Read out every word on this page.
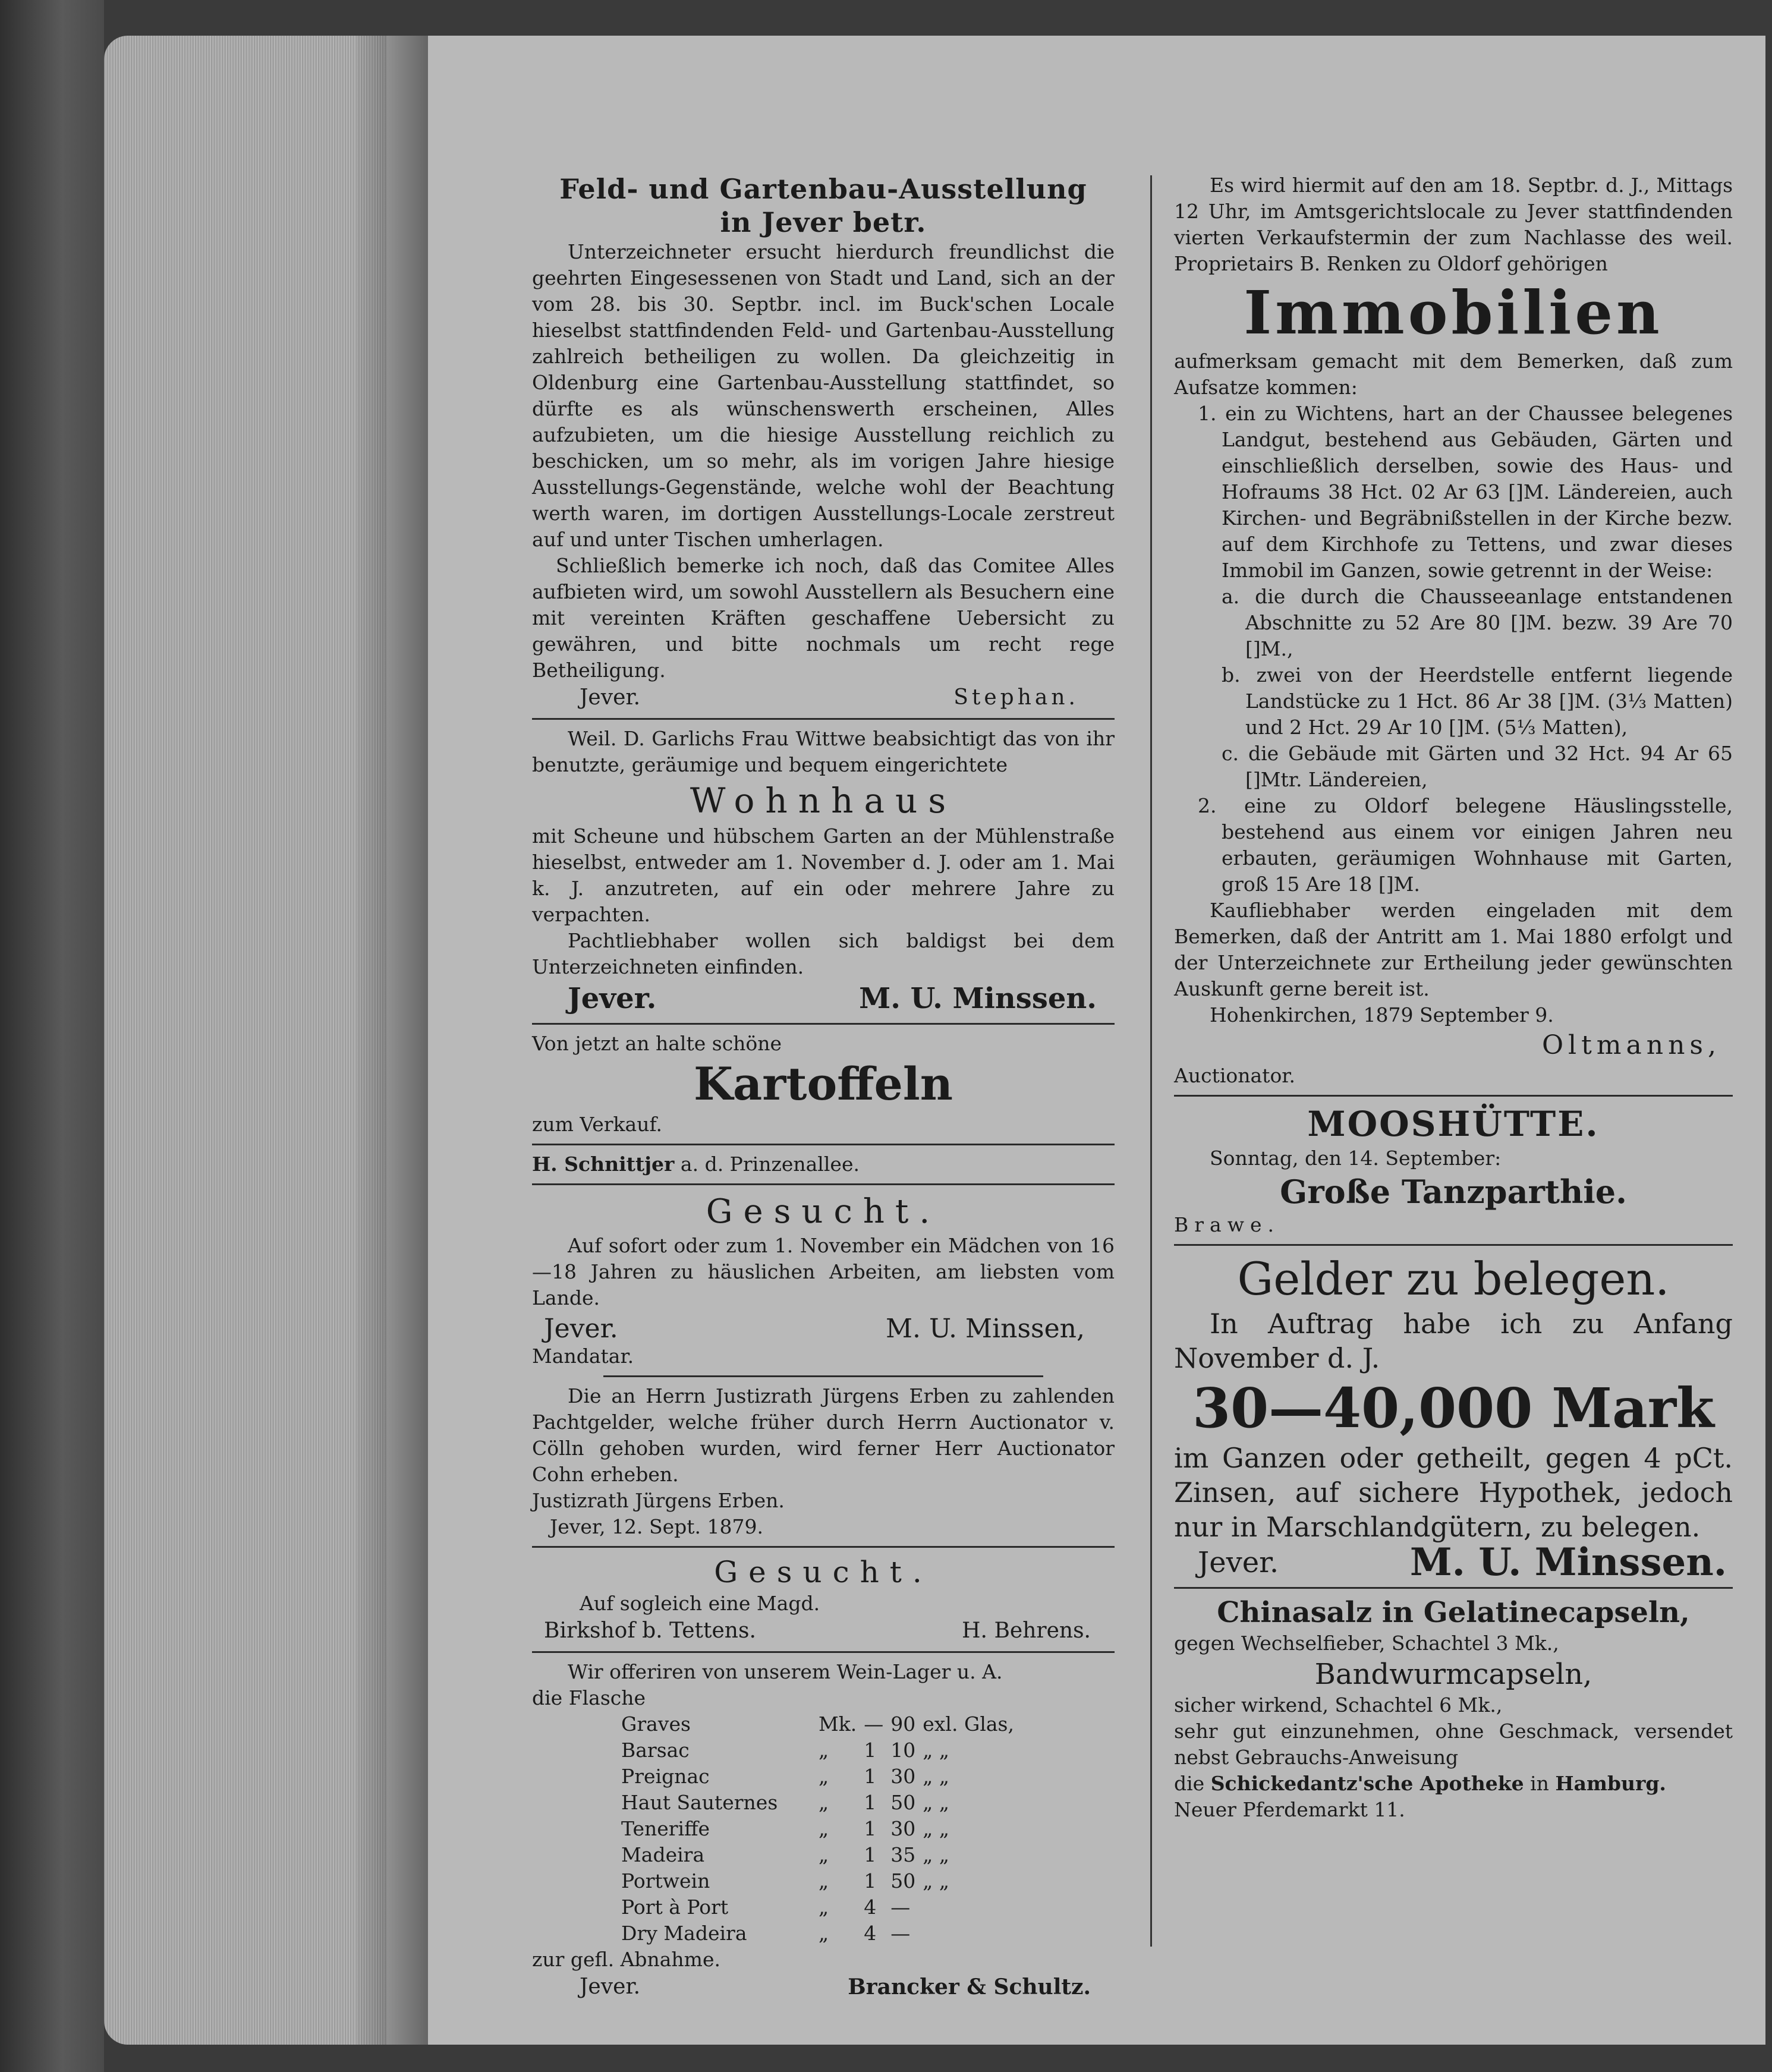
Feld- und Gartenbau-Ausstellung

in Jever betr.

Unterzeichneter ersucht hierdurch freundlichst die geehrten Eingesessenen von Stadt und Land, sich an der vom 28. bis 30. Septbr. incl. im Buck'schen Locale hieselbst stattfindenden Feld- und Gartenbau-Ausstellung zahlreich betheiligen zu wollen. Da gleichzeitig in Oldenburg eine Gartenbau-Ausstellung stattfindet, so dürfte es als wünschenswerth erscheinen, Alles aufzubieten, um die hiesige Ausstellung reichlich zu beschicken, um so mehr, als im vorigen Jahre hiesige Ausstellungs-Gegenstände, welche wohl der Beachtung werth waren, im dortigen Ausstellungs-Locale zerstreut auf und unter Tischen umherlagen.

Schließlich bemerke ich noch, daß das Comitee Alles aufbieten wird, um sowohl Ausstellern als Besuchern eine mit vereinten Kräften geschaffene Uebersicht zu gewähren, und bitte nochmals um recht rege Betheiligung.

Jever.	Stephan.

Weil. D. Garlichs Frau Wittwe beabsichtigt das von ihr benutzte, geräumige und bequem eingerichtete

Wohnhaus

mit Scheune und hübschem Garten an der Mühlenstraße hieselbst, entweder am 1. November d. J. oder am 1. Mai k. J. anzutreten, auf ein oder mehrere Jahre zu verpachten.

Pachtliebhaber wollen sich baldigst bei dem Unterzeichneten einfinden.

Jever.	M. U. Minssen.

Von jetzt an halte schöne

Kartoffeln

zum Verkauf.

H. Schnittjer a. d. Prinzenallee.

Gesucht.

Auf sofort oder zum 1. November ein Mädchen von 16—18 Jahren zu häuslichen Arbeiten, am liebsten vom Lande.

Jever.	M. U. Minssen,

Mandatar.

Die an Herrn Justizrath Jürgens Erben zu zahlenden Pachtgelder, welche früher durch Herrn Auctionator v. Cölln gehoben wurden, wird ferner Herr Auctionator Cohn erheben.

Justizrath Jürgens Erben.

Jever, 12. Sept. 1879.

Gesucht.

Auf sogleich eine Magd.

Birkshof b. Tettens.	H. Behrens.

Wir offeriren von unserem Wein-Lager u. A.

die Flasche

Graves	Mk.	—	90	exl. Glas,
Barsac	„	1	10	„ „
Preignac	„	1	30	„ „
Haut Sauternes	„	1	50	„ „
Teneriffe	„	1	30	„ „
Madeira	„	1	35	„ „
Portwein	„	1	50	„ „
Port à Port	„	4	—	
Dry Madeira	„	4	—	

zur gefl. Abnahme.

Jever.	Brancker & Schultz.

Es wird hiermit auf den am 18. Septbr. d. J., Mittags 12 Uhr, im Amtsgerichtslocale zu Jever stattfindenden vierten Verkaufstermin der zum Nachlasse des weil. Proprietairs B. Renken zu Oldorf gehörigen

Immobilien

aufmerksam gemacht mit dem Bemerken, daß zum Aufsatze kommen:

1. ein zu Wichtens, hart an der Chaussee belegenes Landgut, bestehend aus Gebäuden, Gärten und einschließlich derselben, sowie des Haus- und Hofraums 38 Hct. 02 Ar 63 []M. Ländereien, auch Kirchen- und Begräbnißstellen in der Kirche bezw. auf dem Kirchhofe zu Tettens, und zwar dieses Immobil im Ganzen, sowie getrennt in der Weise:

a. die durch die Chausseeanlage entstandenen Abschnitte zu 52 Are 80 []M. bezw. 39 Are 70 []M.,

b. zwei von der Heerdstelle entfernt liegende Landstücke zu 1 Hct. 86 Ar 38 []M. (3⅓ Matten) und 2 Hct. 29 Ar 10 []M. (5⅓ Matten),

c. die Gebäude mit Gärten und 32 Hct. 94 Ar 65 []Mtr. Ländereien,

2. eine zu Oldorf belegene Häuslingsstelle, bestehend aus einem vor einigen Jahren neu erbauten, geräumigen Wohnhause mit Garten, groß 15 Are 18 []M.

Kaufliebhaber werden eingeladen mit dem Bemerken, daß der Antritt am 1. Mai 1880 erfolgt und der Unterzeichnete zur Ertheilung jeder gewünschten Auskunft gerne bereit ist.

Hohenkirchen, 1879 September 9.

Oltmanns,

Auctionator.

MOOSHÜTTE.

Sonntag, den 14. September:

Große Tanzparthie.

Brawe.

Gelder zu belegen.

In Auftrag habe ich zu Anfang November d. J.

30—40,000 Mark

im Ganzen oder getheilt, gegen 4 pCt. Zinsen, auf sichere Hypothek, jedoch nur in Marschlandgütern, zu belegen.

Jever.	M. U. Minssen.

Chinasalz in Gelatinecapseln,

gegen Wechselfieber, Schachtel 3 Mk.,

Bandwurmcapseln,

sicher wirkend, Schachtel 6 Mk.,

sehr gut einzunehmen, ohne Geschmack, versendet nebst Gebrauchs-Anweisung

die Schickedantz'sche Apotheke in Hamburg.

Neuer Pferdemarkt 11.
